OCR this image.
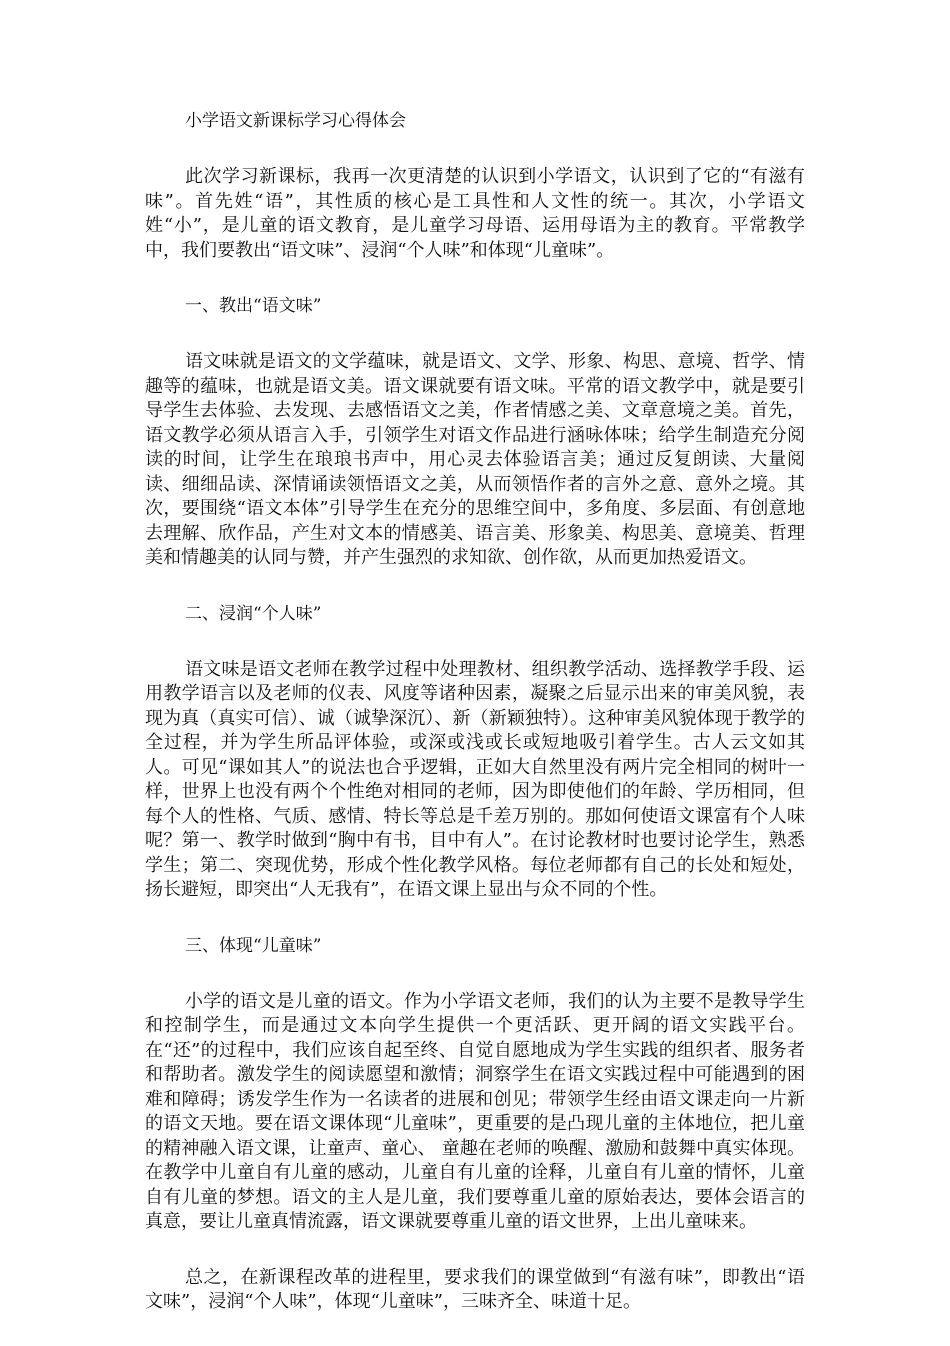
小学语文新课标学习心得体会

此次学习新课标，我再一次更清楚的认识到小学语文，认识到了它的“有滋有味”。首先姓“语”，其性质的核心是工具性和人文性的统一。其次，小学语文姓“小”，是儿童的语文教育，是儿童学习母语、运用母语为主的教育。平常教学中，我们要教出“语文味”、浸润“个人味”和体现“儿童味”。

一、教出“语文味”

语文味就是语文的文学蕴味，就是语文、文学、形象、构思、意境、哲学、情趣等的蕴味，也就是语文美。语文课就要有语文味。平常的语文教学中，就是要引导学生去体验、去发现、去感悟语文之美，作者情感之美、文章意境之美。首先，语文教学必须从语言入手，引领学生对语文作品进行涵咏体味；给学生制造充分阅读的时间，让学生在琅琅书声中，用心灵去体验语言美；通过反复朗读、大量阅读、细细品读、深情诵读领悟语文之美，从而领悟作者的言外之意、意外之境。其次，要围绕“语文本体”引导学生在充分的思维空间中，多角度、多层面、有创意地去理解、欣作品，产生对文本的情感美、语言美、形象美、构思美、意境美、哲理美和情趣美的认同与赞，并产生强烈的求知欲、创作欲，从而更加热爱语文。

二、浸润“个人味”

语文味是语文老师在教学过程中处理教材、组织教学活动、选择教学手段、运用教学语言以及老师的仪表、风度等诸种因素，凝聚之后显示出来的审美风貌，表现为真（真实可信）、诚（诚挚深沉）、新（新颖独特）。这种审美风貌体现于教学的全过程，并为学生所品评体验，或深或浅或长或短地吸引着学生。古人云文如其人。可见“课如其人”的说法也合乎逻辑，正如大自然里没有两片完全相同的树叶一样，世界上也没有两个个性绝对相同的老师，因为即使他们的年龄、学历相同，但每个人的性格、气质、感情、特长等总是千差万别的。那如何使语文课富有个人味呢？第一、教学时做到“胸中有书，目中有人”。在讨论教材时也要讨论学生，熟悉学生；第二、突现优势，形成个性化教学风格。每位老师都有自己的长处和短处，扬长避短，即突出“人无我有”，在语文课上显出与众不同的个性。

三、体现“儿童味”

小学的语文是儿童的语文。作为小学语文老师，我们的认为主要不是教导学生和控制学生，而是通过文本向学生提供一个更活跃、更开阔的语文实践平台。在“还”的过程中，我们应该自起至终、自觉自愿地成为学生实践的组织者、服务者和帮助者。激发学生的阅读愿望和激情；洞察学生在语文实践过程中可能遇到的困难和障碍；诱发学生作为一名读者的进展和创见；带领学生经由语文课走向一片新的语文天地。要在语文课体现“儿童味”，更重要的是凸现儿童的主体地位，把儿童的精神融入语文课，让童声、童心、 童趣在老师的唤醒、激励和鼓舞中真实体现。在教学中儿童自有儿童的感动，儿童自有儿童的诠释，儿童自有儿童的情怀，儿童自有儿童的梦想。语文的主人是儿童，我们要尊重儿童的原始表达，要体会语言的真意，要让儿童真情流露，语文课就要尊重儿童的语文世界，上出儿童味来。

总之，在新课程改革的进程里，要求我们的课堂做到“有滋有味”，即教出“语文味”，浸润“个人味”，体现“儿童味”，三味齐全、味道十足。
